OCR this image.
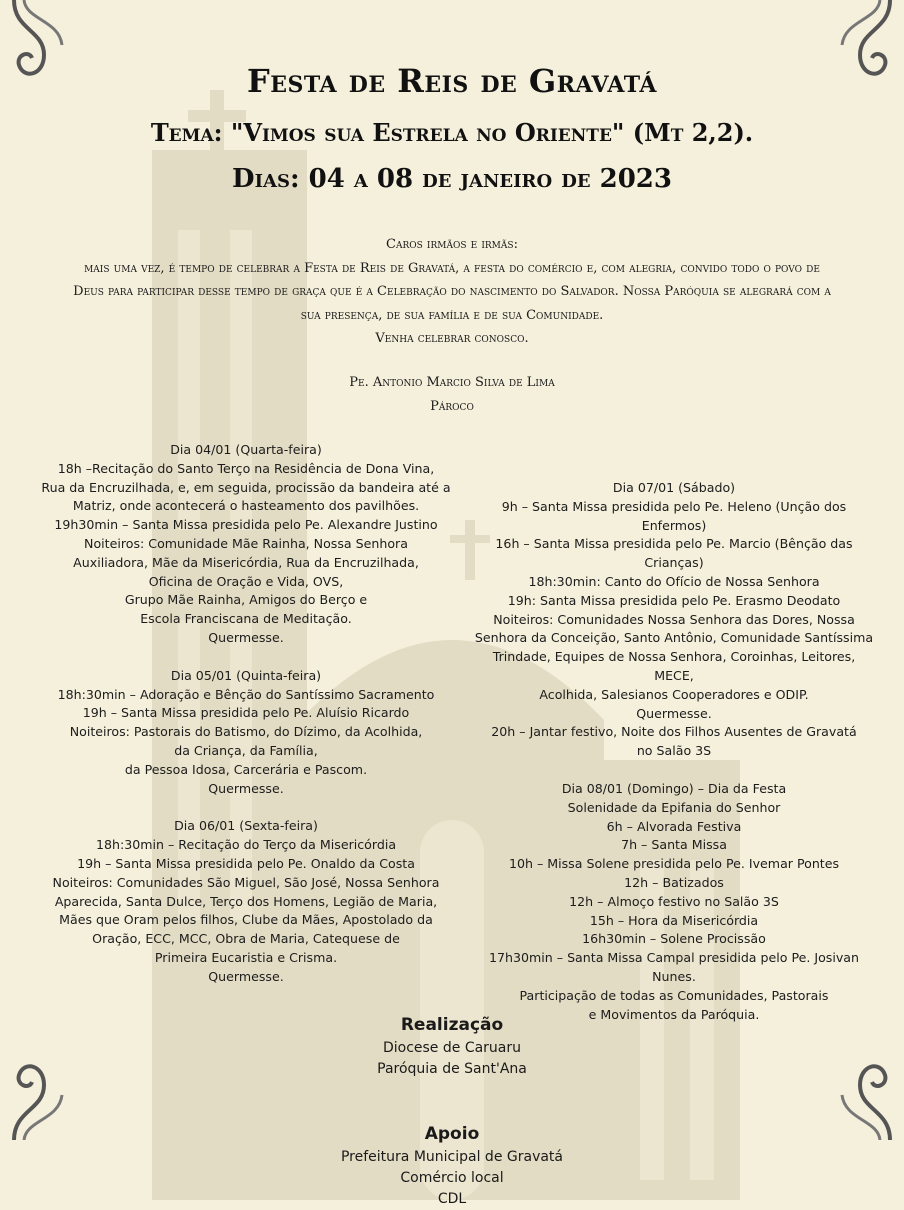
Festa de Reis de Gravatá
Tema: "Vimos sua Estrela no Oriente" (Mt 2,2).
Dias: 04 a 08 de janeiro de 2023

Caros irmãos e irmãs:

mais uma vez, é tempo de celebrar a Festa de Reis de Gravatá, a festa do comércio e, com alegria, convido todo o povo de Deus para participar desse tempo de graça que é a Celebração do nascimento do Salvador. Nossa Paróquia se alegrará com a sua presença, de sua família e de sua Comunidade.

Venha celebrar conosco.

Pe. Antonio Marcio Silva de Lima
Pároco
Dia 04/01 (Quarta-feira)
18h –Recitação do Santo Terço na Residência de Dona Vina,
Rua da Encruzilhada, e, em seguida, procissão da bandeira até a
Matriz, onde acontecerá o hasteamento dos pavilhões.
19h30min – Santa Missa presidida pelo Pe. Alexandre Justino
Noiteiros: Comunidade Mãe Rainha, Nossa Senhora
Auxiliadora, Mãe da Misericórdia, Rua da Encruzilhada,
Oficina de Oração e Vida, OVS,
Grupo Mãe Rainha, Amigos do Berço e
Escola Franciscana de Meditação.
Quermesse.
Dia 05/01 (Quinta-feira)
18h:30min – Adoração e Bênção do Santíssimo Sacramento
19h – Santa Missa presidida pelo Pe. Aluísio Ricardo
Noiteiros: Pastorais do Batismo, do Dízimo, da Acolhida,
da Criança, da Família,
da Pessoa Idosa, Carcerária e Pascom.
Quermesse.
Dia 06/01 (Sexta-feira)
18h:30min – Recitação do Terço da Misericórdia
19h – Santa Missa presidida pelo Pe. Onaldo da Costa
Noiteiros: Comunidades São Miguel, São José, Nossa Senhora
Aparecida, Santa Dulce, Terço dos Homens, Legião de Maria,
Mães que Oram pelos filhos, Clube da Mães, Apostolado da
Oração, ECC, MCC, Obra de Maria, Catequese de
Primeira Eucaristia e Crisma.
Quermesse.
Dia 07/01 (Sábado)
9h – Santa Missa presidida pelo Pe. Heleno (Unção dos
Enfermos)
16h – Santa Missa presidida pelo Pe. Marcio (Bênção das
Crianças)
18h:30min: Canto do Ofício de Nossa Senhora
19h: Santa Missa presidida pelo Pe. Erasmo Deodato
Noiteiros: Comunidades Nossa Senhora das Dores, Nossa
Senhora da Conceição, Santo Antônio, Comunidade Santíssima
Trindade, Equipes de Nossa Senhora, Coroinhas, Leitores,
MECE,
Acolhida, Salesianos Cooperadores e ODIP.
Quermesse.
20h – Jantar festivo, Noite dos Filhos Ausentes de Gravatá
no Salão 3S
Dia 08/01 (Domingo) – Dia da Festa
Solenidade da Epifania do Senhor
6h – Alvorada Festiva
7h – Santa Missa
10h – Missa Solene presidida pelo Pe. Ivemar Pontes
12h – Batizados
12h – Almoço festivo no Salão 3S
15h – Hora da Misericórdia
16h30min – Solene Procissão
17h30min – Santa Missa Campal presidida pelo Pe. Josivan
Nunes.
Participação de todas as Comunidades, Pastorais
e Movimentos da Paróquia.
Realização
Diocese de Caruaru
Paróquia de Sant'Ana
Apoio
Prefeitura Municipal de Gravatá
Comércio local
CDL
